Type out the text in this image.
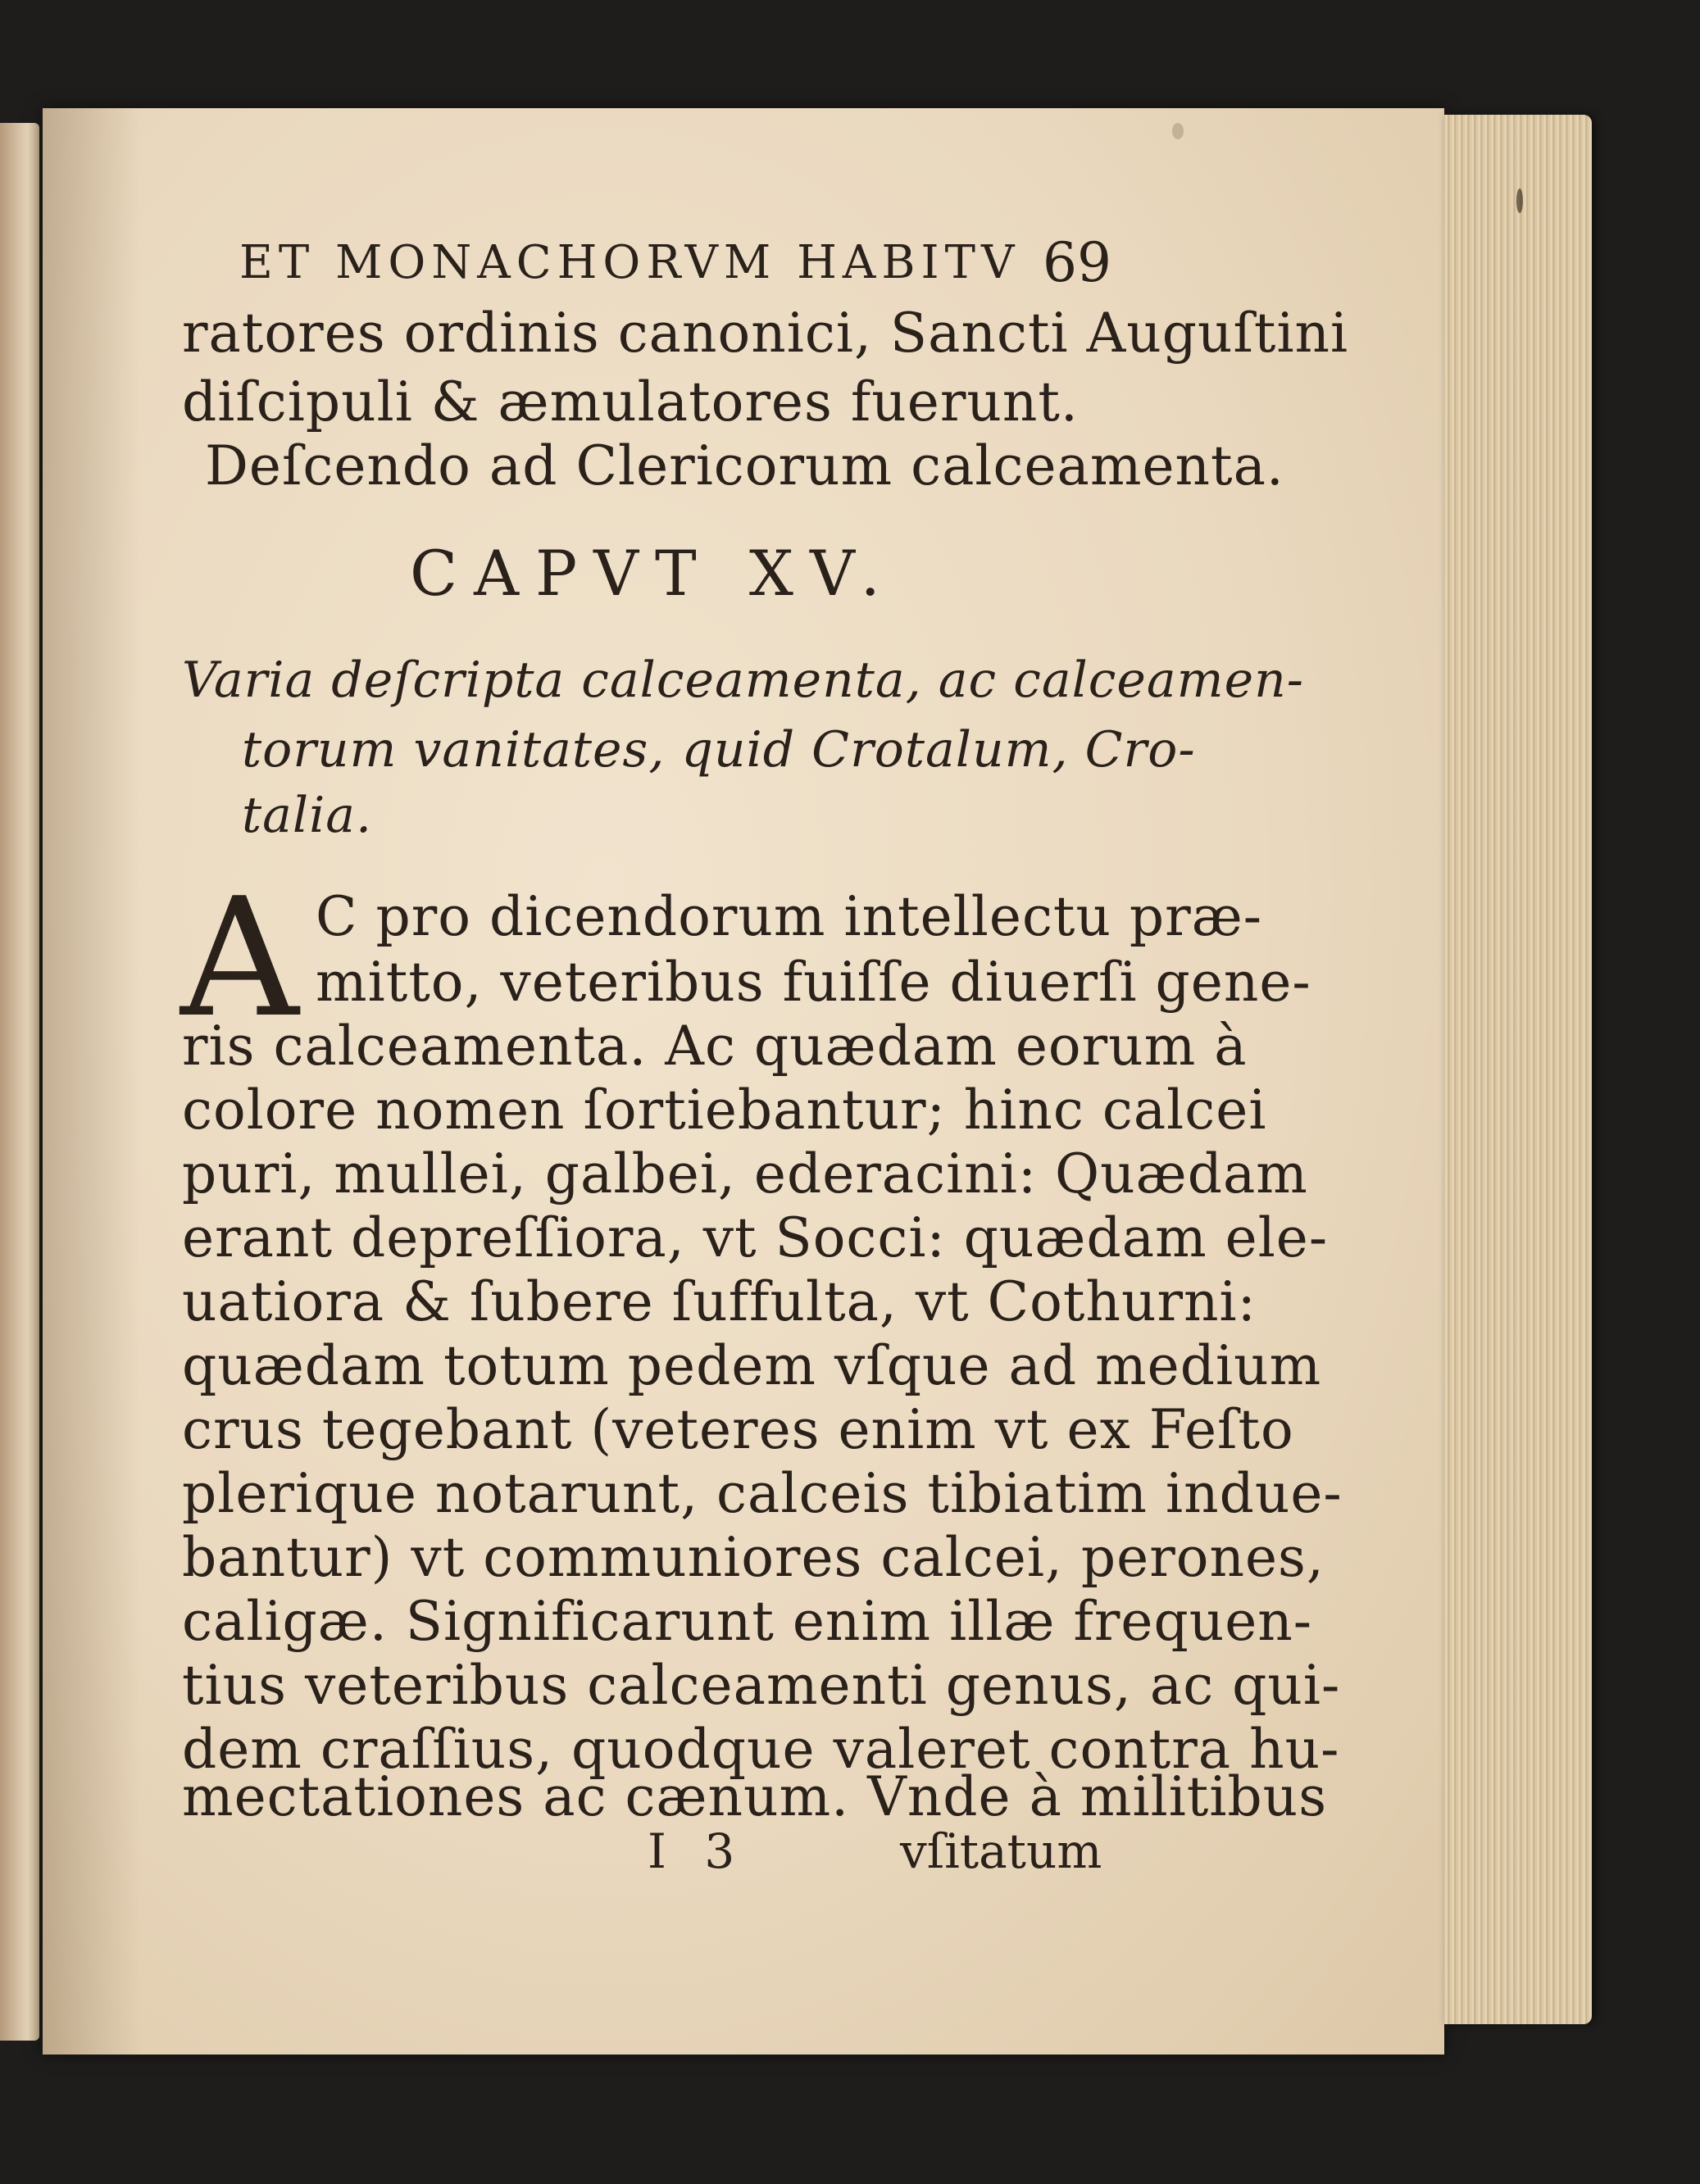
ET MONACHORVM HABITV 69
ratores ordinis canonici, Sancti Auguſtini
diſcipuli & æmulatores fuerunt.
Deſcendo ad Clericorum calceamenta.
CAPVT XV.
Varia deſcripta calceamenta, ac calceamen-
torum vanitates, quid Crotalum, Cro-
talia.
A C pro dicendorum intellectu præ-
mitto, veteribus fuiſſe diuerſi gene-
ris calceamenta. Ac quædam eorum à
colore nomen ſortiebantur; hinc calcei
puri, mullei, galbei, ederacini: Quædam
erant depreſſiora, vt Socci: quædam ele-
uatiora & ſubere ſuffulta, vt Cothurni:
quædam totum pedem vſque ad medium
crus tegebant (veteres enim vt ex Feſto
plerique notarunt, calceis tibiatim indue-
bantur) vt communiores calcei, perones,
caligæ. Significarunt enim illæ frequen-
tius veteribus calceamenti genus, ac qui-
dem craſſius, quodque valeret contra hu-
mectationes ac cænum. Vnde à militibus
I 3	vſitatum
